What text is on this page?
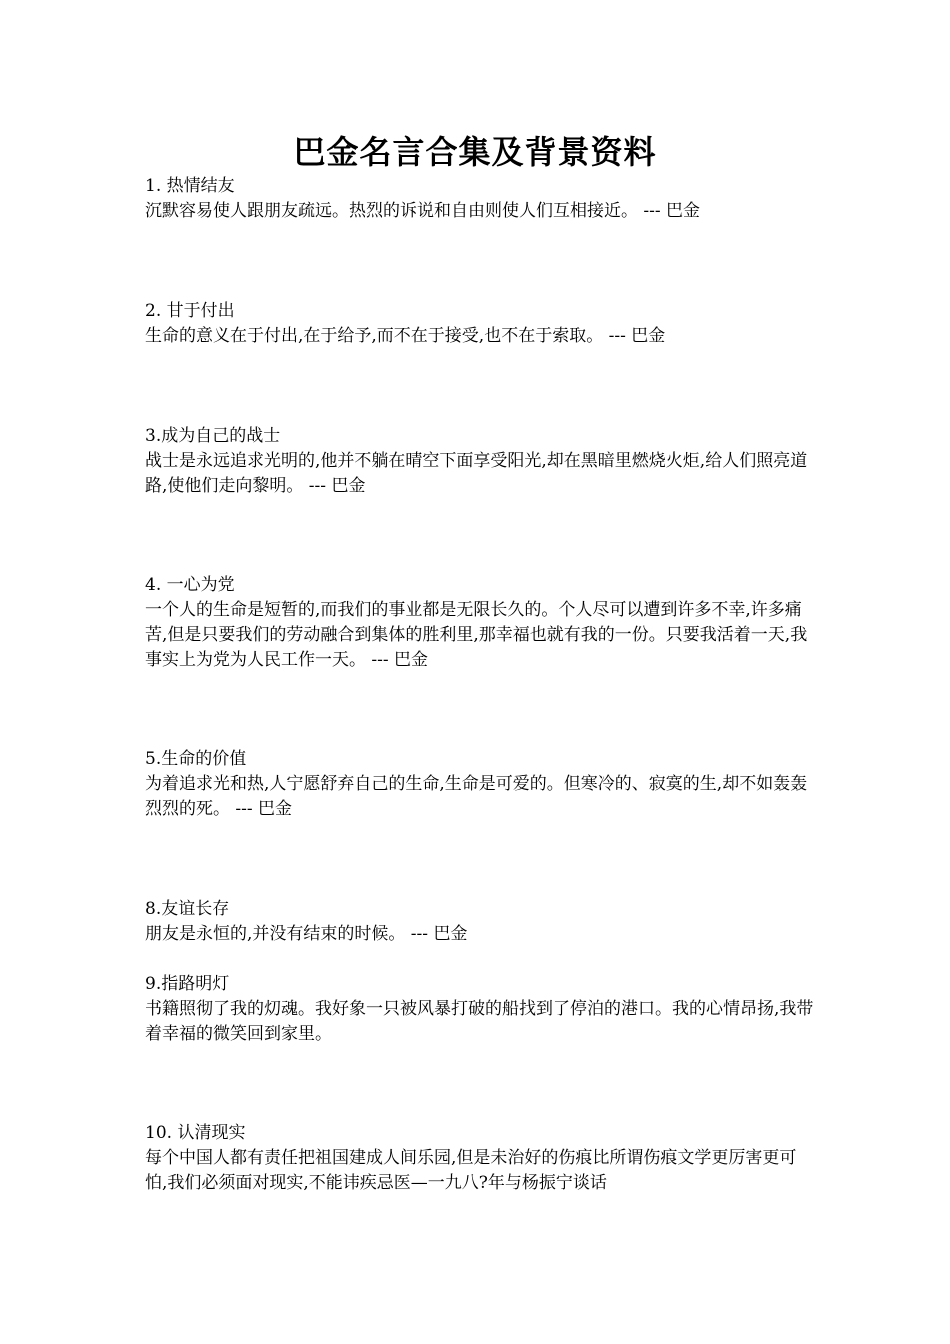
巴金名言合集及背景资料
1. 热情结友
沉默容易使人跟朋友疏远。热烈的诉说和自由则使人们互相接近。 --- 巴金
2. 甘于付出
生命的意义在于付出,在于给予,而不在于接受,也不在于索取。 --- 巴金
3.成为自己的战士
战士是永远追求光明的,他并不躺在晴空下面享受阳光,却在黑暗里燃烧火炬,给人们照亮道路,使他们走向黎明。 --- 巴金
4. 一心为党
一个人的生命是短暂的,而我们的事业都是无限长久的。个人尽可以遭到许多不幸,许多痛苦,但是只要我们的劳动融合到集体的胜利里,那幸福也就有我的一份。只要我活着一天,我事实上为党为人民工作一天。 --- 巴金
5.生命的价值
为着追求光和热,人宁愿舒弃自己的生命,生命是可爱的。但寒冷的、寂寞的生,却不如轰轰烈烈的死。 --- 巴金
8.友谊长存
朋友是永恒的,并没有结束的时候。 --- 巴金
9.指路明灯
书籍照彻了我的灱魂。我好象一只被风暴打破的船找到了停泊的港口。我的心情昂扬,我带着幸福的微笑回到家里。
10. 认清现实
每个中国人都有责任把祖国建成人间乐园,但是未治好的伤痕比所谓伤痕文学更厉害更可怕,我们必须面对现实,不能讳疾忌医—一九八?年与杨振宁谈话
